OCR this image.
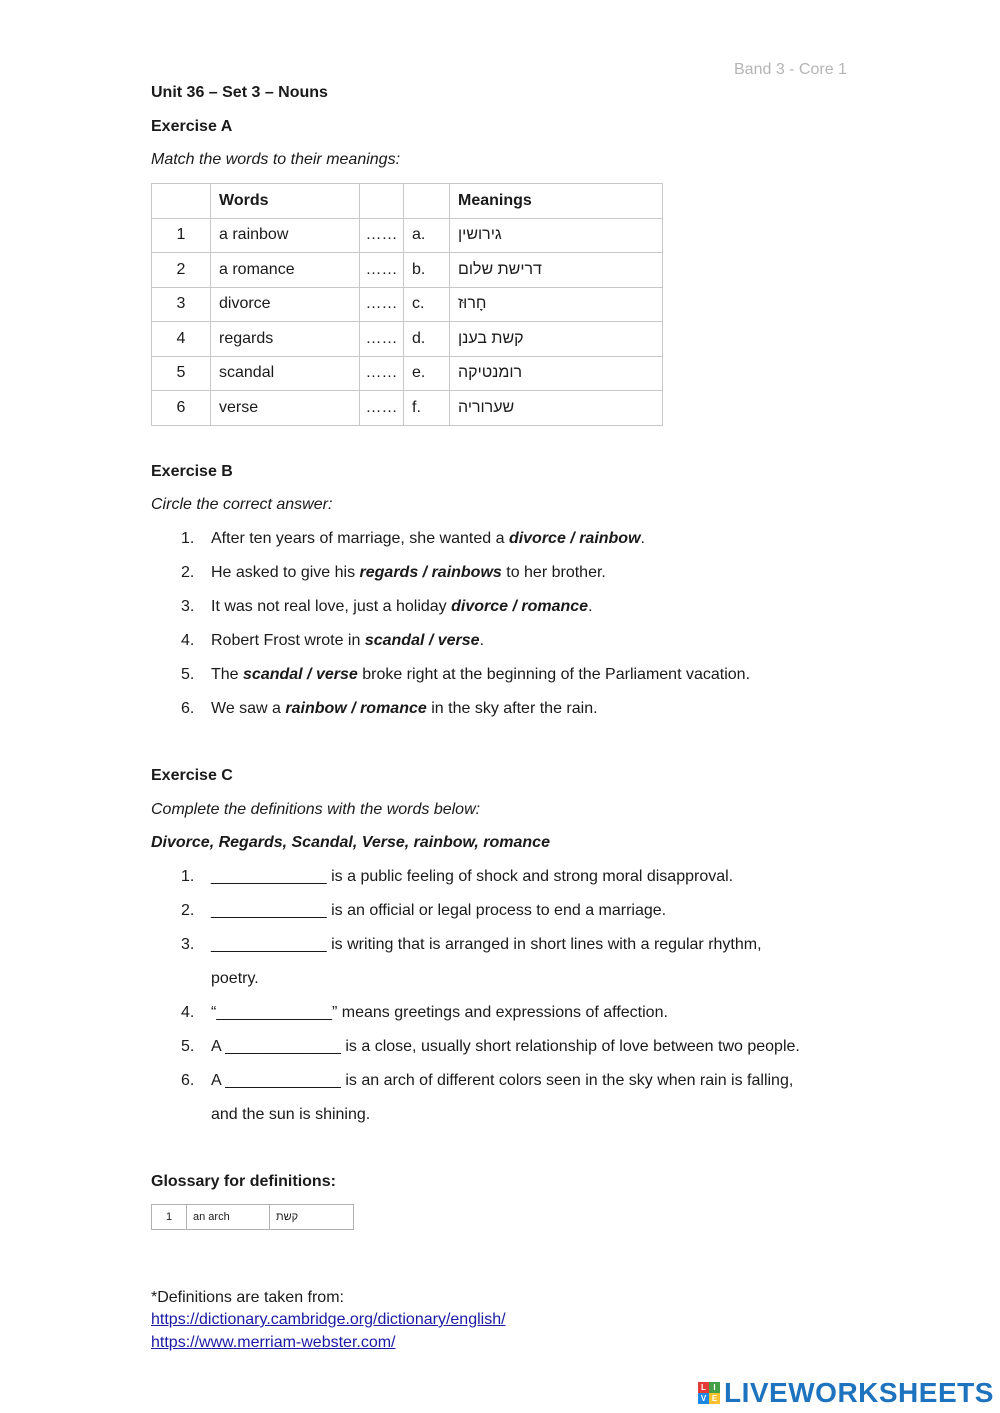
Band 3 - Core 1
Unit 36 – Set 3 – Nouns
Exercise A
Match the words to their meanings:
	Words			Meanings
1	a rainbow	……	a.	גירושין
2	a romance	……	b.	דרישת שלום
3	divorce	……	c.	חָרוּז
4	regards	……	d.	קשת בענן
5	scandal	……	e.	רומנטיקה
6	verse	……	f.	שערוריה
Exercise B
Circle the correct answer:
1. After ten years of marriage, she wanted a divorce / rainbow.
2. He asked to give his regards / rainbows to her brother.
3. It was not real love, just a holiday divorce / romance.
4. Robert Frost wrote in scandal / verse.
5. The scandal / verse broke right at the beginning of the Parliament vacation.
6. We saw a rainbow / romance in the sky after the rain.
Exercise C
Complete the definitions with the words below:
Divorce, Regards, Scandal, Verse, rainbow, romance
1. _____________ is a public feeling of shock and strong moral disapproval.
2. _____________ is an official or legal process to end a marriage.
3. _____________ is writing that is arranged in short lines with a regular rhythm,
poetry.
4. “_____________” means greetings and expressions of affection.
5. A _____________ is a close, usually short relationship of love between two people.
6. A _____________ is an arch of different colors seen in the sky when rain is falling,
and the sun is shining.
Glossary for definitions:
1	an arch	קשת
*Definitions are taken from:
https://dictionary.cambridge.org/dictionary/english/
https://www.merriam-webster.com/
L I
V E LIVEWORKSHEETS
